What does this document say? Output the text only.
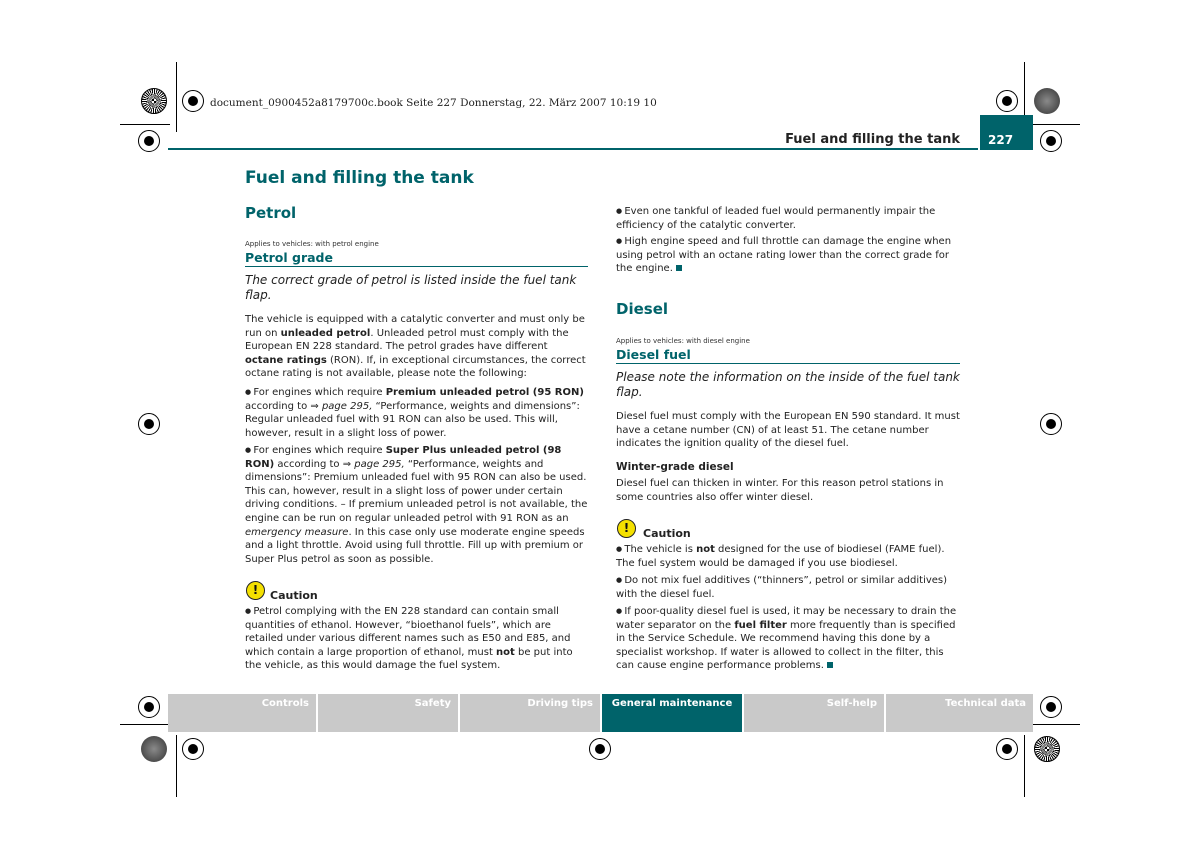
document_0900452a8179700c.book Seite 227 Donnerstag, 22. März 2007 10:19 10
Fuel and filling the tank	227
Fuel and filling the tank
Petrol
Applies to vehicles: with petrol engine
Petrol grade
The correct grade of petrol is listed inside the fuel tank flap.
The vehicle is equipped with a catalytic converter and must only be run on unleaded petrol. Unleaded petrol must comply with the European EN 228 standard. The petrol grades have different octane ratings (RON). If, in exceptional circumstances, the correct octane rating is not available, please note the following:
● For engines which require Premium unleaded petrol (95 RON) according to ⇒ page 295, “Performance, weights and dimensions”: Regular unleaded fuel with 91 RON can also be used. This will, however, result in a slight loss of power.
● For engines which require Super Plus unleaded petrol (98 RON) according to ⇒ page 295, “Performance, weights and dimensions”: Premium unleaded fuel with 95 RON can also be used. This can, however, result in a slight loss of power under certain driving conditions. – If premium unleaded petrol is not available, the engine can be run on regular unleaded petrol with 91 RON as an emergency measure. In this case only use moderate engine speeds and a light throttle. Avoid using full throttle. Fill up with premium or Super Plus petrol as soon as possible.
!	Caution
● Petrol complying with the EN 228 standard can contain small quantities of ethanol. However, “bioethanol fuels”, which are retailed under various different names such as E50 and E85, and which contain a large proportion of ethanol, must not be put into the vehicle, as this would damage the fuel system.
● Even one tankful of leaded fuel would permanently impair the efficiency of the catalytic converter.
● High engine speed and full throttle can damage the engine when using petrol with an octane rating lower than the correct grade for the engine.
Diesel
Applies to vehicles: with diesel engine
Diesel fuel
Please note the information on the inside of the fuel tank flap.
Diesel fuel must comply with the European EN 590 standard. It must have a cetane number (CN) of at least 51. The cetane number indicates the ignition quality of the diesel fuel.
Winter-grade diesel
Diesel fuel can thicken in winter. For this reason petrol stations in some countries also offer winter diesel.
!	Caution
● The vehicle is not designed for the use of biodiesel (FAME fuel). The fuel system would be damaged if you use biodiesel.
● Do not mix fuel additives (“thinners”, petrol or similar additives) with the diesel fuel.
● If poor-quality diesel fuel is used, it may be necessary to drain the water separator on the fuel filter more frequently than is specified in the Service Schedule. We recommend having this done by a specialist workshop. If water is allowed to collect in the filter, this can cause engine performance problems.
Controls	Safety	Driving tips	General maintenance	Self-help	Technical data
